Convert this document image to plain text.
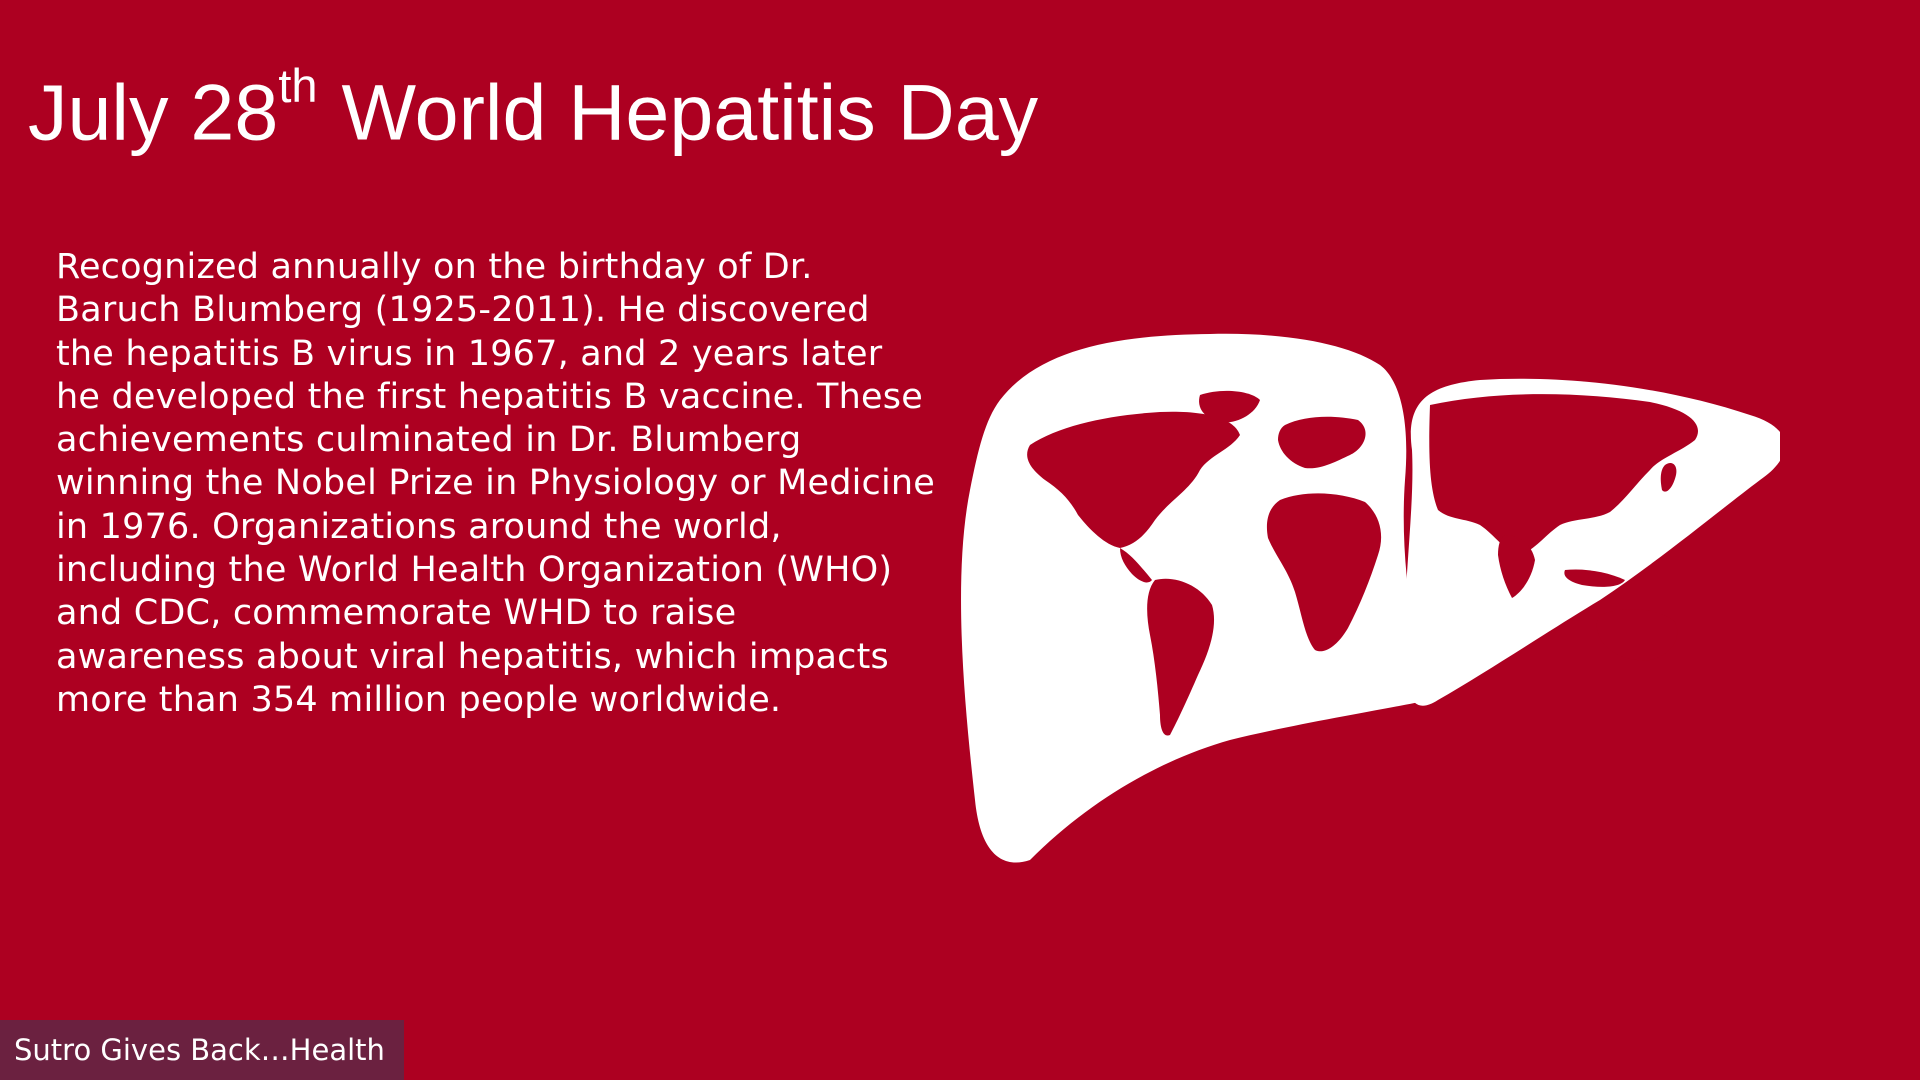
July 28th World Hepatitis Day

Recognized annually on the birthday of Dr. Baruch Blumberg (1925-2011). He discovered the hepatitis B virus in 1967, and 2 years later he developed the first hepatitis B vaccine. These achievements culminated in Dr. Blumberg winning the Nobel Prize in Physiology or Medicine in 1976. Organizations around the world, including the World Health Organization (WHO) and CDC, commemorate WHD to raise awareness about viral hepatitis, which impacts more than 354 million people worldwide.

Sutro Gives Back…Health
